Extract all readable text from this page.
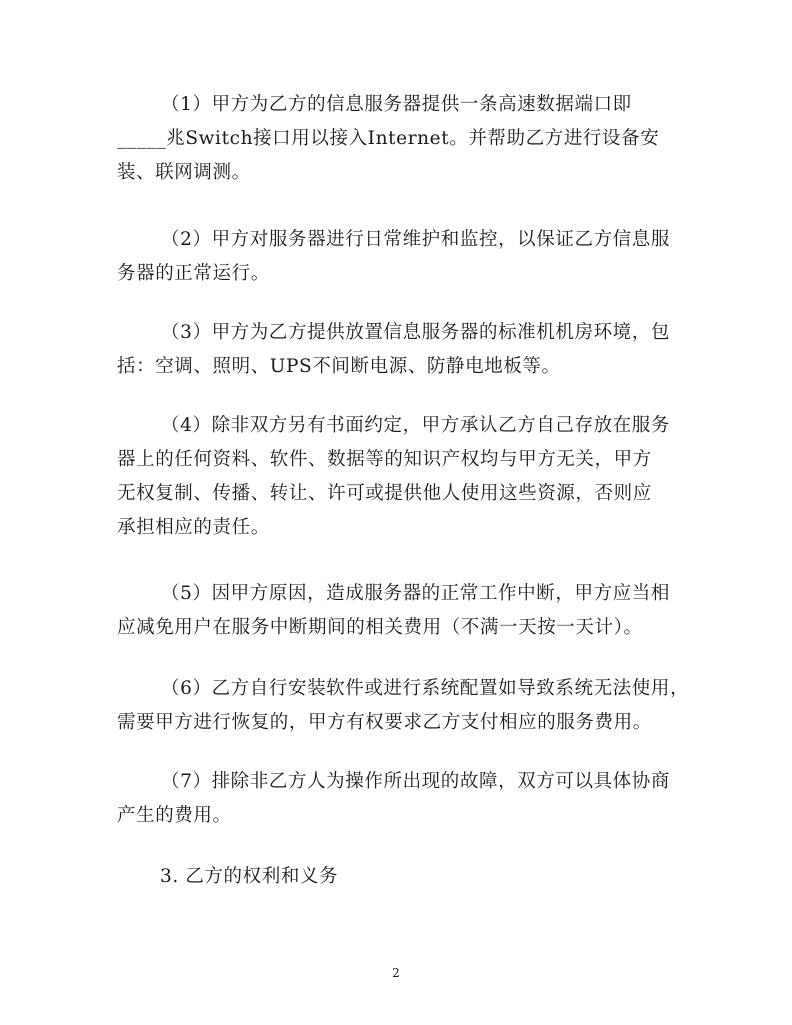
（1）甲方为乙方的信息服务器提供一条高速数据端口即
_____兆Switch接口用以接入Internet。并帮助乙方进行设备安
装、联网调测。

（2）甲方对服务器进行日常维护和监控，以保证乙方信息服
务器的正常运行。

（3）甲方为乙方提供放置信息服务器的标准机机房环境，包
括：空调、照明、UPS不间断电源、防静电地板等。

（4）除非双方另有书面约定，甲方承认乙方自己存放在服务
器上的任何资料、软件、数据等的知识产权均与甲方无关，甲方
无权复制、传播、转让、许可或提供他人使用这些资源，否则应
承担相应的责任。

（5）因甲方原因，造成服务器的正常工作中断，甲方应当相
应减免用户在服务中断期间的相关费用（不满一天按一天计）。

（6）乙方自行安装软件或进行系统配置如导致系统无法使用，
需要甲方进行恢复的，甲方有权要求乙方支付相应的服务费用。

（7）排除非乙方人为操作所出现的故障，双方可以具体协商
产生的费用。

3. 乙方的权利和义务

2
